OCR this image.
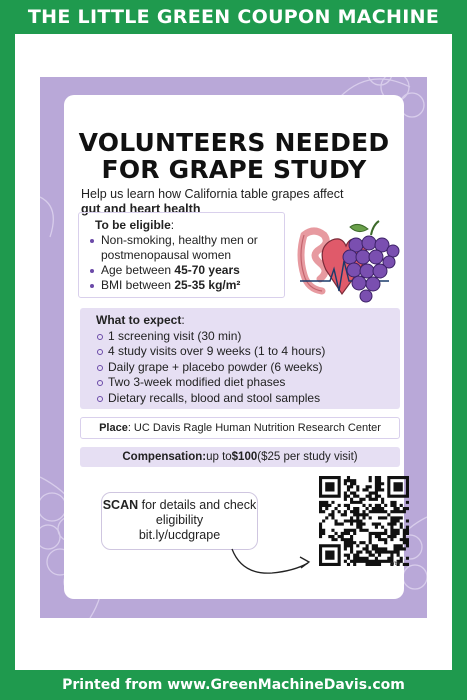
THE LITTLE GREEN COUPON MACHINE
VOLUNTEERS NEEDED
FOR GRAPE STUDY
Help us learn how California table grapes affect
gut and heart health
To be eligible:
Non-smoking, healthy men or postmenopausal women
Age between 45-70 years
BMI between 25-35 kg/m²
What to expect:
1 screening visit (30 min)
4 study visits over 9 weeks (1 to 4 hours)
Daily grape + placebo powder (6 weeks)
Two 3-week modified diet phases
Dietary recalls, blood and stool samples
Place : UC Davis Ragle Human Nutrition Research Center
Compensation: up to $100 ($25 per study visit)
SCAN for details and check eligibility
bit.ly/ucdgrape
bitly
Printed from www.GreenMachineDavis.com
